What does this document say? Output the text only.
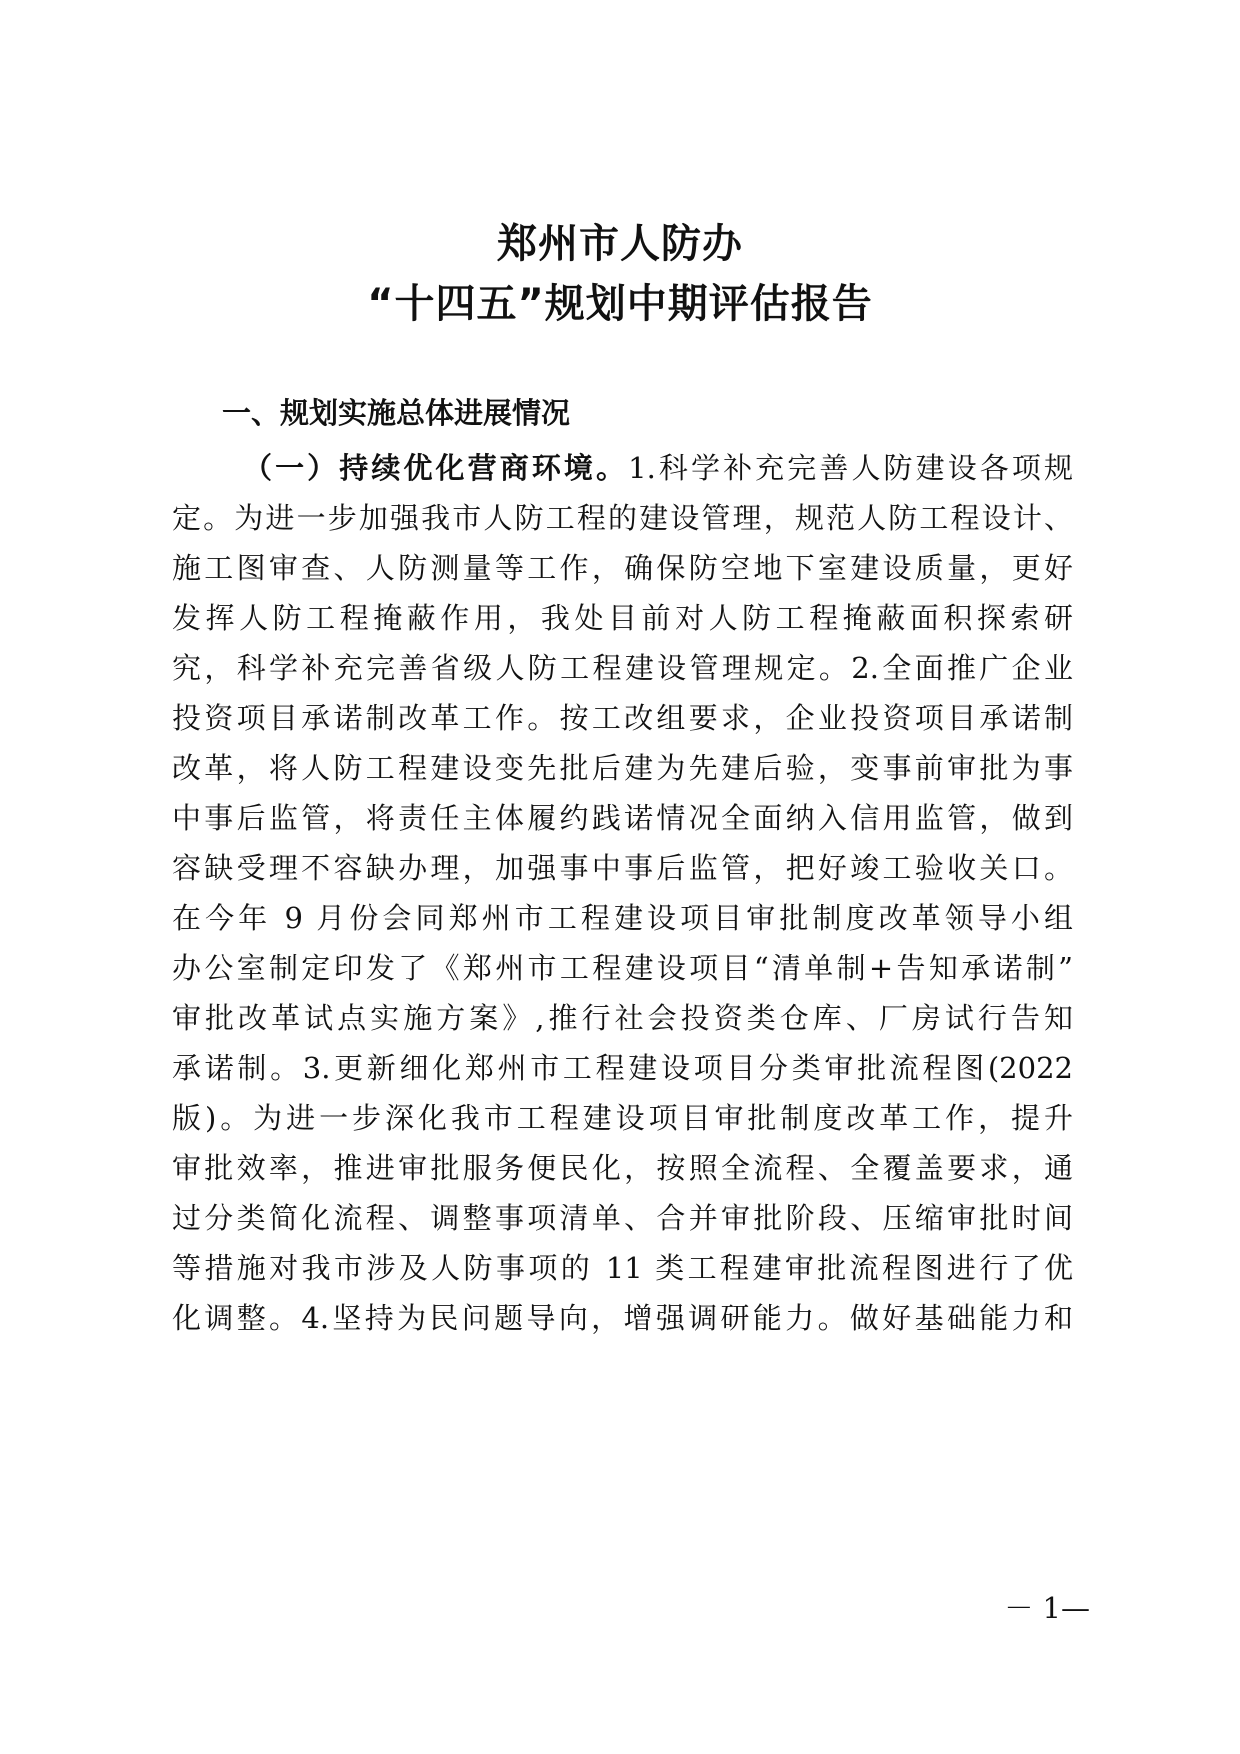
郑州市人防办
“十四五”规划中期评估报告
一、规划实施总体进展情况
（一）持续优化营商环境。1.科学补充完善人防建设各项规
定。为进一步加强我市人防工程的建设管理，规范人防工程设计、
施工图审查、人防测量等工作，确保防空地下室建设质量，更好
发挥人防工程掩蔽作用，我处目前对人防工程掩蔽面积探索研
究，科学补充完善省级人防工程建设管理规定。2.全面推广企业
投资项目承诺制改革工作。按工改组要求，企业投资项目承诺制
改革，将人防工程建设变先批后建为先建后验，变事前审批为事
中事后监管，将责任主体履约践诺情况全面纳入信用监管，做到
容缺受理不容缺办理，加强事中事后监管，把好竣工验收关口。
在今年 9 月份会同郑州市工程建设项目审批制度改革领导小组
办公室制定印发了《郑州市工程建设项目“清单制+告知承诺制”
审批改革试点实施方案》,推行社会投资类仓库、厂房试行告知
承诺制。3.更新细化郑州市工程建设项目分类审批流程图(2022
版)。为进一步深化我市工程建设项目审批制度改革工作，提升
审批效率，推进审批服务便民化，按照全流程、全覆盖要求，通
过分类简化流程、调整事项清单、合并审批阶段、压缩审批时间
等措施对我市涉及人防事项的 11 类工程建审批流程图进行了优
化调整。4.坚持为民问题导向，增强调研能力。做好基础能力和
－ 1—
